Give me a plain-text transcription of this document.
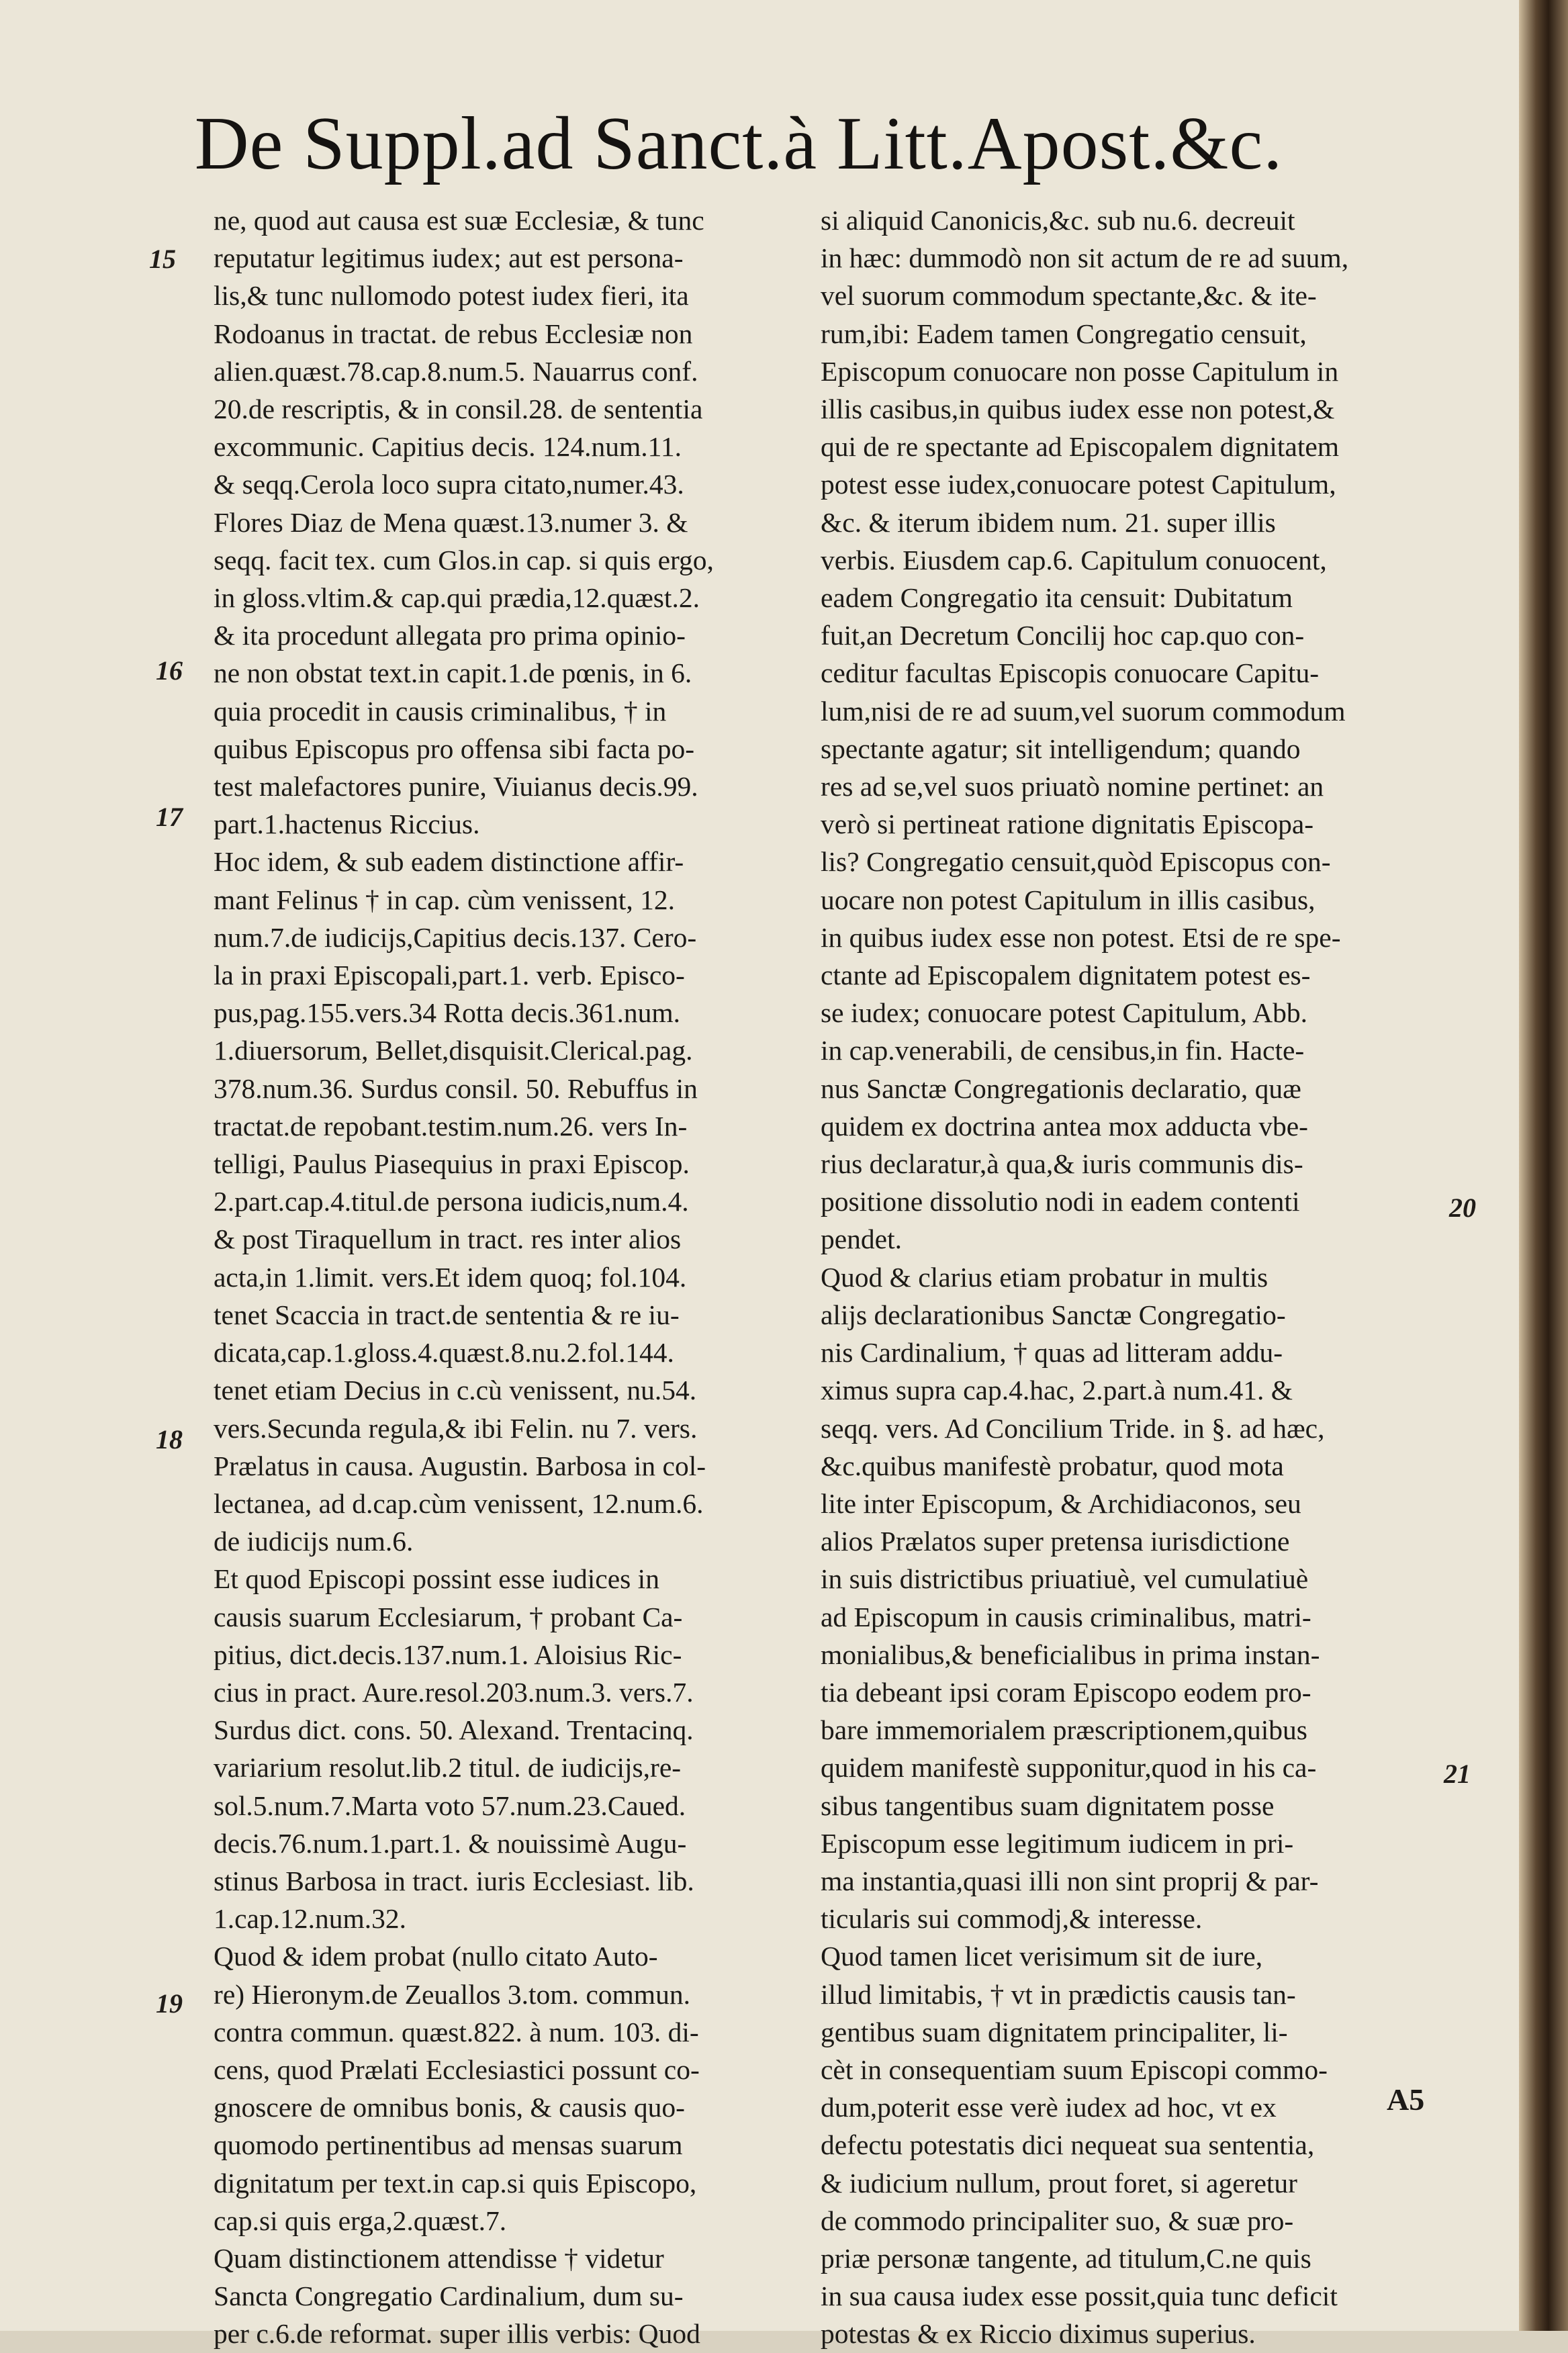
De Suppl.ad Sanct.à Litt.Apost.&c.
ne, quod aut causa est suæ Ecclesiæ, & tunc
reputatur legitimus iudex; aut est persona-
lis,& tunc nullomodo potest iudex fieri, ita
Rodoanus in tractat. de rebus Ecclesiæ non
alien.quæst.78.cap.8.num.5. Nauarrus conf.
20.de rescriptis, & in consil.28. de sententia
excommunic. Capitius decis. 124.num.11.
& seqq.Cerola loco supra citato,numer.43.
Flores Diaz de Mena quæst.13.numer 3. &
seqq. facit tex. cum Glos.in cap. si quis ergo,
in gloss.vltim.& cap.qui prædia,12.quæst.2.
& ita procedunt allegata pro prima opinio-
ne non obstat text.in capit.1.de pœnis, in 6.
quia procedit in causis criminalibus, † in
quibus Episcopus pro offensa sibi facta po-
test malefactores punire, Viuianus decis.99.
part.1.hactenus Riccius.
Hoc idem, & sub eadem distinctione affir-
mant Felinus † in cap. cùm venissent, 12.
num.7.de iudicijs,Capitius decis.137. Cero-
la in praxi Episcopali,part.1. verb. Episco-
pus,pag.155.vers.34 Rotta decis.361.num.
1.diuersorum, Bellet,disquisit.Clerical.pag.
378.num.36. Surdus consil. 50. Rebuffus in
tractat.de repobant.testim.num.26. vers In-
telligi, Paulus Piasequius in praxi Episcop.
2.part.cap.4.titul.de persona iudicis,num.4.
& post Tiraquellum in tract. res inter alios
acta,in 1.limit. vers.Et idem quoq; fol.104.
tenet Scaccia in tract.de sententia & re iu-
dicata,cap.1.gloss.4.quæst.8.nu.2.fol.144.
tenet etiam Decius in c.cù venissent, nu.54.
vers.Secunda regula,& ibi Felin. nu 7. vers.
Prælatus in causa. Augustin. Barbosa in col-
lectanea, ad d.cap.cùm venissent, 12.num.6.
de iudicijs num.6.
Et quod Episcopi possint esse iudices in
causis suarum Ecclesiarum, † probant Ca-
pitius, dict.decis.137.num.1. Aloisius Ric-
cius in pract. Aure.resol.203.num.3. vers.7.
Surdus dict. cons. 50. Alexand. Trentacinq.
variarium resolut.lib.2 titul. de iudicijs,re-
sol.5.num.7.Marta voto 57.num.23.Caued.
decis.76.num.1.part.1. & nouissimè Augu-
stinus Barbosa in tract. iuris Ecclesiast. lib.
1.cap.12.num.32.
Quod & idem probat (nullo citato Auto-
re) Hieronym.de Zeuallos 3.tom. commun.
contra commun. quæst.822. à num. 103. di-
cens, quod Prælati Ecclesiastici possunt co-
gnoscere de omnibus bonis, & causis quo-
quomodo pertinentibus ad mensas suarum
dignitatum per text.in cap.si quis Episcopo,
cap.si quis erga,2.quæst.7.
Quam distinctionem attendisse † videtur
Sancta Congregatio Cardinalium, dum su-
per c.6.de reformat. super illis verbis: Quod
si aliquid Canonicis,&c. sub nu.6. decreuit
in hæc: dummodò non sit actum de re ad suum,
vel suorum commodum spectante,&c. & ite-
rum,ibi: Eadem tamen Congregatio censuit,
Episcopum conuocare non posse Capitulum in
illis casibus,in quibus iudex esse non potest,&
qui de re spectante ad Episcopalem dignitatem
potest esse iudex,conuocare potest Capitulum,
&c. & iterum ibidem num. 21. super illis
verbis. Eiusdem cap.6. Capitulum conuocent,
eadem Congregatio ita censuit: Dubitatum
fuit,an Decretum Concilij hoc cap.quo con-
ceditur facultas Episcopis conuocare Capitu-
lum,nisi de re ad suum,vel suorum commodum
spectante agatur; sit intelligendum; quando
res ad se,vel suos priuatò nomine pertinet: an
verò si pertineat ratione dignitatis Episcopa-
lis? Congregatio censuit,quòd Episcopus con-
uocare non potest Capitulum in illis casibus,
in quibus iudex esse non potest. Etsi de re spe-
ctante ad Episcopalem dignitatem potest es-
se iudex; conuocare potest Capitulum, Abb.
in cap.venerabili, de censibus,in fin. Hacte-
nus Sanctæ Congregationis declaratio, quæ
quidem ex doctrina antea mox adducta vbe-
rius declaratur,à qua,& iuris communis dis-
positione dissolutio nodi in eadem contenti
pendet.
Quod & clarius etiam probatur in multis
alijs declarationibus Sanctæ Congregatio-
nis Cardinalium, † quas ad litteram addu-
ximus supra cap.4.hac, 2.part.à num.41. &
seqq. vers. Ad Concilium Tride. in §. ad hæc,
&c.quibus manifestè probatur, quod mota
lite inter Episcopum, & Archidiaconos, seu
alios Prælatos super pretensa iurisdictione
in suis districtibus priuatiuè, vel cumulatiuè
ad Episcopum in causis criminalibus, matri-
monialibus,& beneficialibus in prima instan-
tia debeant ipsi coram Episcopo eodem pro-
bare immemorialem præscriptionem,quibus
quidem manifestè supponitur,quod in his ca-
sibus tangentibus suam dignitatem posse
Episcopum esse legitimum iudicem in pri-
ma instantia,quasi illi non sint proprij & par-
ticularis sui commodj,& interesse.
Quod tamen licet verisimum sit de iure,
illud limitabis, † vt in prædictis causis tan-
gentibus suam dignitatem principaliter, li-
cèt in consequentiam suum Episcopi commo-
dum,poterit esse verè iudex ad hoc, vt ex
defectu potestatis dici nequeat sua sententia,
& iudicium nullum, prout foret, si ageretur
de commodo principaliter suo, & suæ pro-
priæ personæ tangente, ad titulum,C.ne quis
in sua causa iudex esse possit,quia tunc deficit
potestas & ex Riccio diximus superius.
15
16
17
18
19
20
21
A5
